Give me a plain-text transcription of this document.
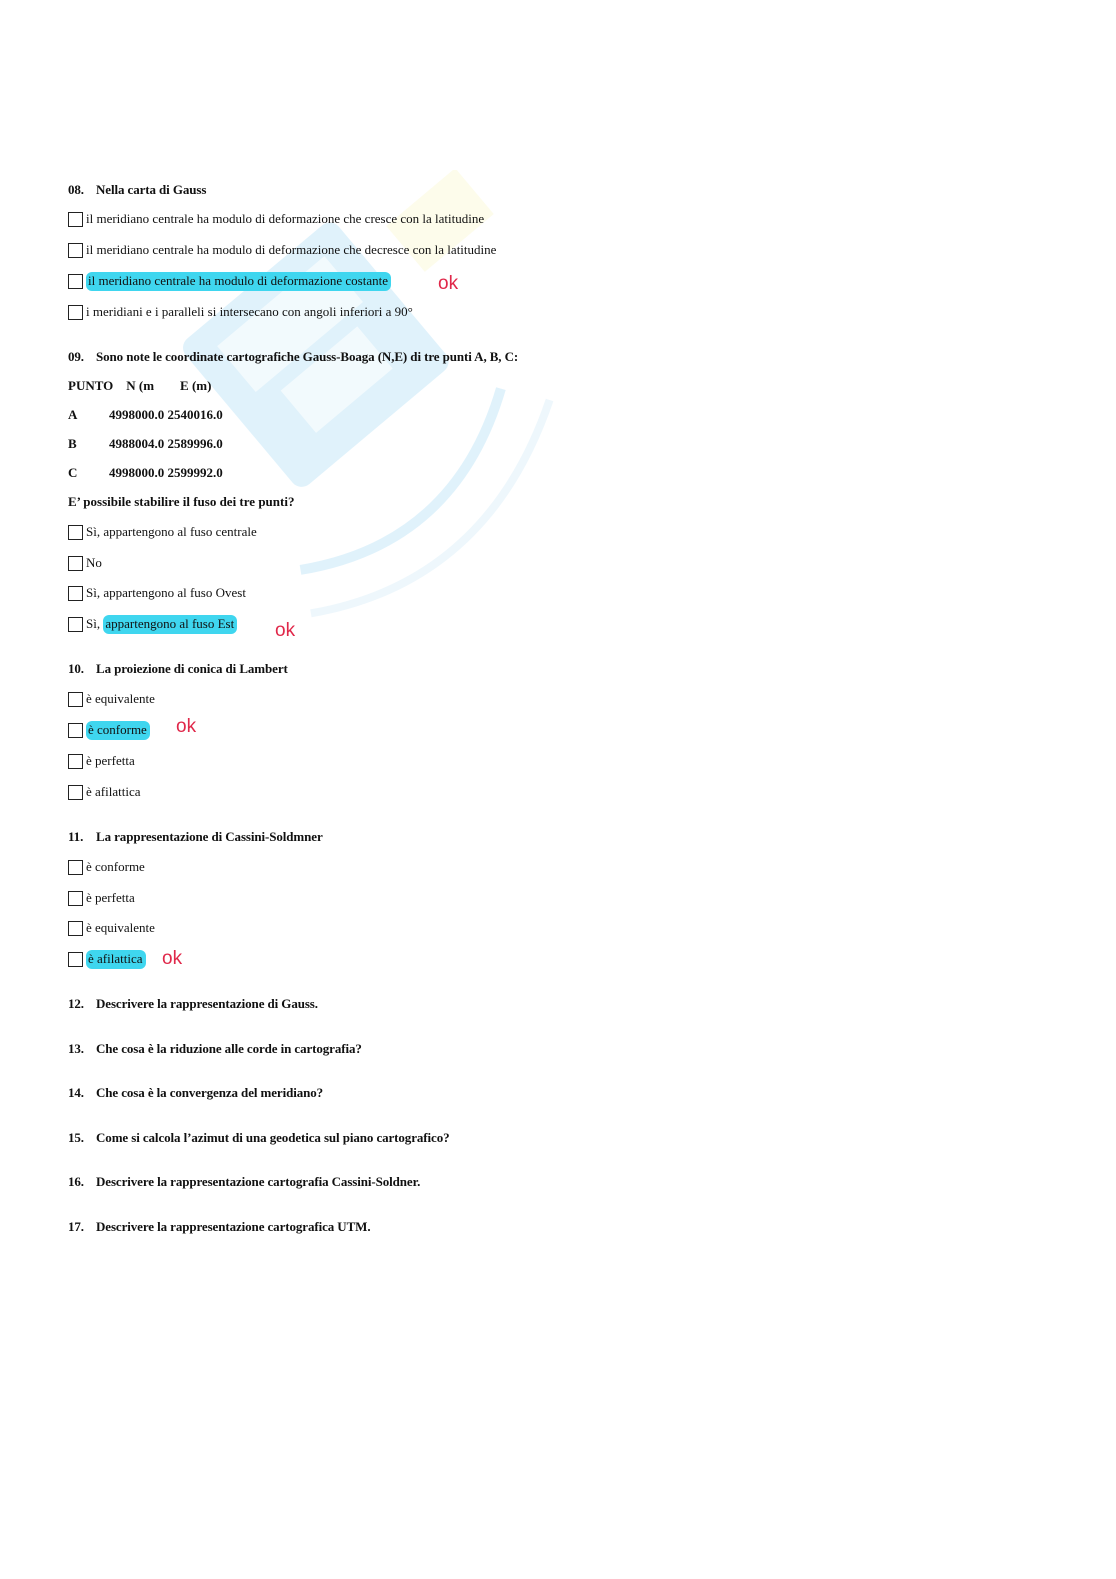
08. Nella carta di Gauss
il meridiano centrale ha modulo di deformazione che cresce con la latitudine
il meridiano centrale ha modulo di deformazione che decresce con la latitudine
il meridiano centrale ha modulo di deformazione costante	ok
i meridiani e i paralleli si intersecano con angoli inferiori a 90°
09. Sono note le coordinate cartografiche Gauss-Boaga (N,E) di tre punti A, B, C:
PUNTO    N (m        E (m)
A 4998000.0 2540016.0
B 4988004.0 2589996.0
C 4998000.0 2599992.0
E’ possibile stabilire il fuso dei tre punti?
Sì, appartengono al fuso centrale
No
Sì, appartengono al fuso Ovest
Sì,
appartengono al fuso Est ok
10. La proiezione di conica di Lambert
è equivalente
è conforme ok
è perfetta
è afilattica
11. La rappresentazione di Cassini-Soldmner
è conforme
è perfetta
è equivalente
è afilattica ok
12. Descrivere la rappresentazione di Gauss.
13. Che cosa è la riduzione alle corde in cartografia?
14. Che cosa è la convergenza del meridiano?
15. Come si calcola l’azimut di una geodetica sul piano cartografico?
16. Descrivere la rappresentazione cartografia Cassini-Soldner.
17. Descrivere la rappresentazione cartografica UTM.
